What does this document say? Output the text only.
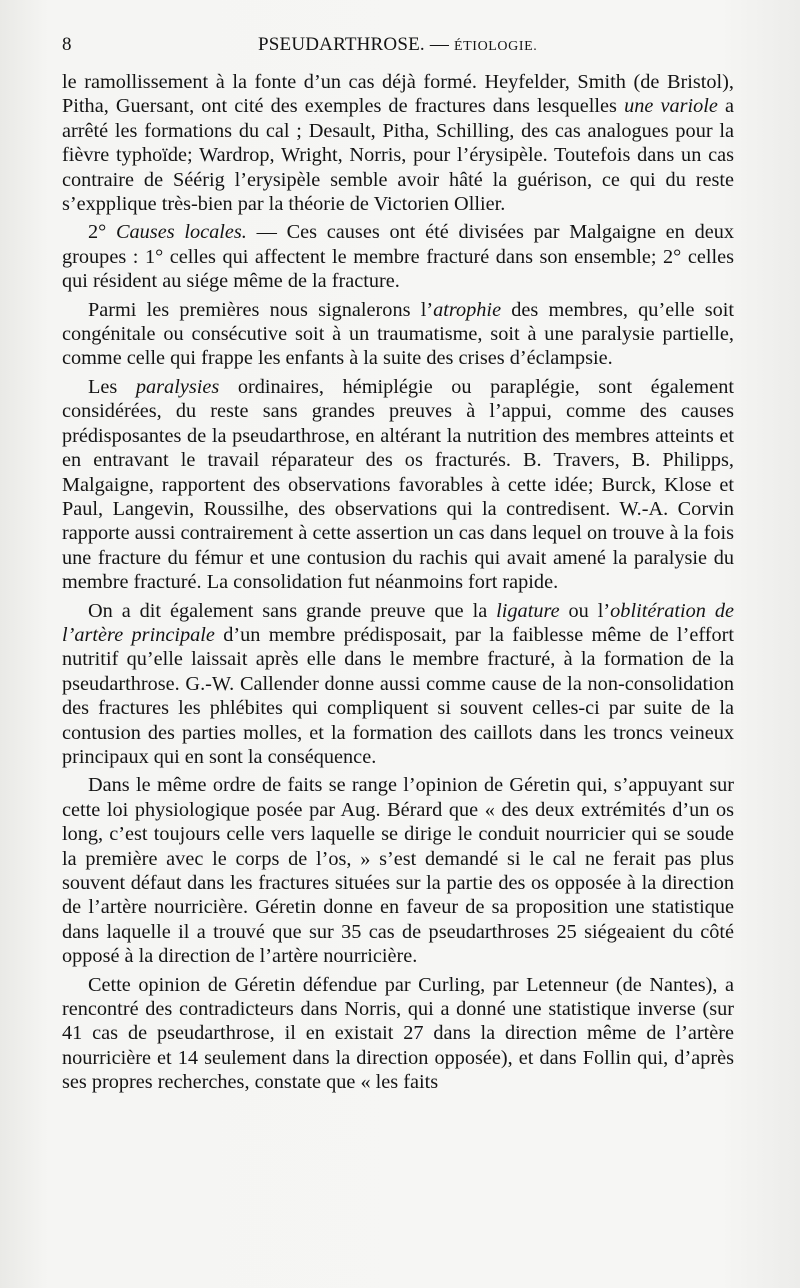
8	PSEUDARTHROSE. — ÉTIOLOGIE.

le ramollissement à la fonte d’un cas déjà formé. Heyfelder, Smith (de Bristol), Pitha, Guersant, ont cité des exemples de fractures dans lesquelles une variole a arrêté les formations du cal ; Desault, Pitha, Schilling, des cas analogues pour la fièvre typhoïde; Wardrop, Wright, Norris, pour l’érysipèle. Toutefois dans un cas contraire de Séérig l’erysipèle semble avoir hâté la guérison, ce qui du reste s’expplique très-bien par la théorie de Victorien Ollier.

2° Causes locales. — Ces causes ont été divisées par Malgaigne en deux groupes : 1° celles qui affectent le membre fracturé dans son ensemble; 2° celles qui résident au siége même de la fracture.

Parmi les premières nous signalerons l’atrophie des membres, qu’elle soit congénitale ou consécutive soit à un traumatisme, soit à une paralysie partielle, comme celle qui frappe les enfants à la suite des crises d’éclampsie.

Les paralysies ordinaires, hémiplégie ou paraplégie, sont également considérées, du reste sans grandes preuves à l’appui, comme des causes prédisposantes de la pseudarthrose, en altérant la nutrition des membres atteints et en entravant le travail réparateur des os fracturés. B. Travers, B. Philipps, Malgaigne, rapportent des observations favorables à cette idée; Burck, Klose et Paul, Langevin, Roussilhe, des observations qui la contredisent. W.-A. Corvin rapporte aussi contrairement à cette assertion un cas dans lequel on trouve à la fois une fracture du fémur et une contusion du rachis qui avait amené la paralysie du membre fracturé. La consolidation fut néanmoins fort rapide.

On a dit également sans grande preuve que la ligature ou l’oblitération de l’artère principale d’un membre prédisposait, par la faiblesse même de l’effort nutritif qu’elle laissait après elle dans le membre fracturé, à la formation de la pseudarthrose. G.-W. Callender donne aussi comme cause de la non-consolidation des fractures les phlébites qui compliquent si souvent celles-ci par suite de la contusion des parties molles, et la formation des caillots dans les troncs veineux principaux qui en sont la conséquence.

Dans le même ordre de faits se range l’opinion de Géretin qui, s’appuyant sur cette loi physiologique posée par Aug. Bérard que « des deux extrémités d’un os long, c’est toujours celle vers laquelle se dirige le conduit nourricier qui se soude la première avec le corps de l’os, » s’est demandé si le cal ne ferait pas plus souvent défaut dans les fractures situées sur la partie des os opposée à la direction de l’artère nourricière. Géretin donne en faveur de sa proposition une statistique dans laquelle il a trouvé que sur 35 cas de pseudarthroses 25 siégeaient du côté opposé à la direction de l’artère nourricière.

Cette opinion de Géretin défendue par Curling, par Letenneur (de Nantes), a rencontré des contradicteurs dans Norris, qui a donné une statistique inverse (sur 41 cas de pseudarthrose, il en existait 27 dans la direction même de l’artère nourricière et 14 seulement dans la direction opposée), et dans Follin qui, d’après ses propres recherches, constate que « les faits
